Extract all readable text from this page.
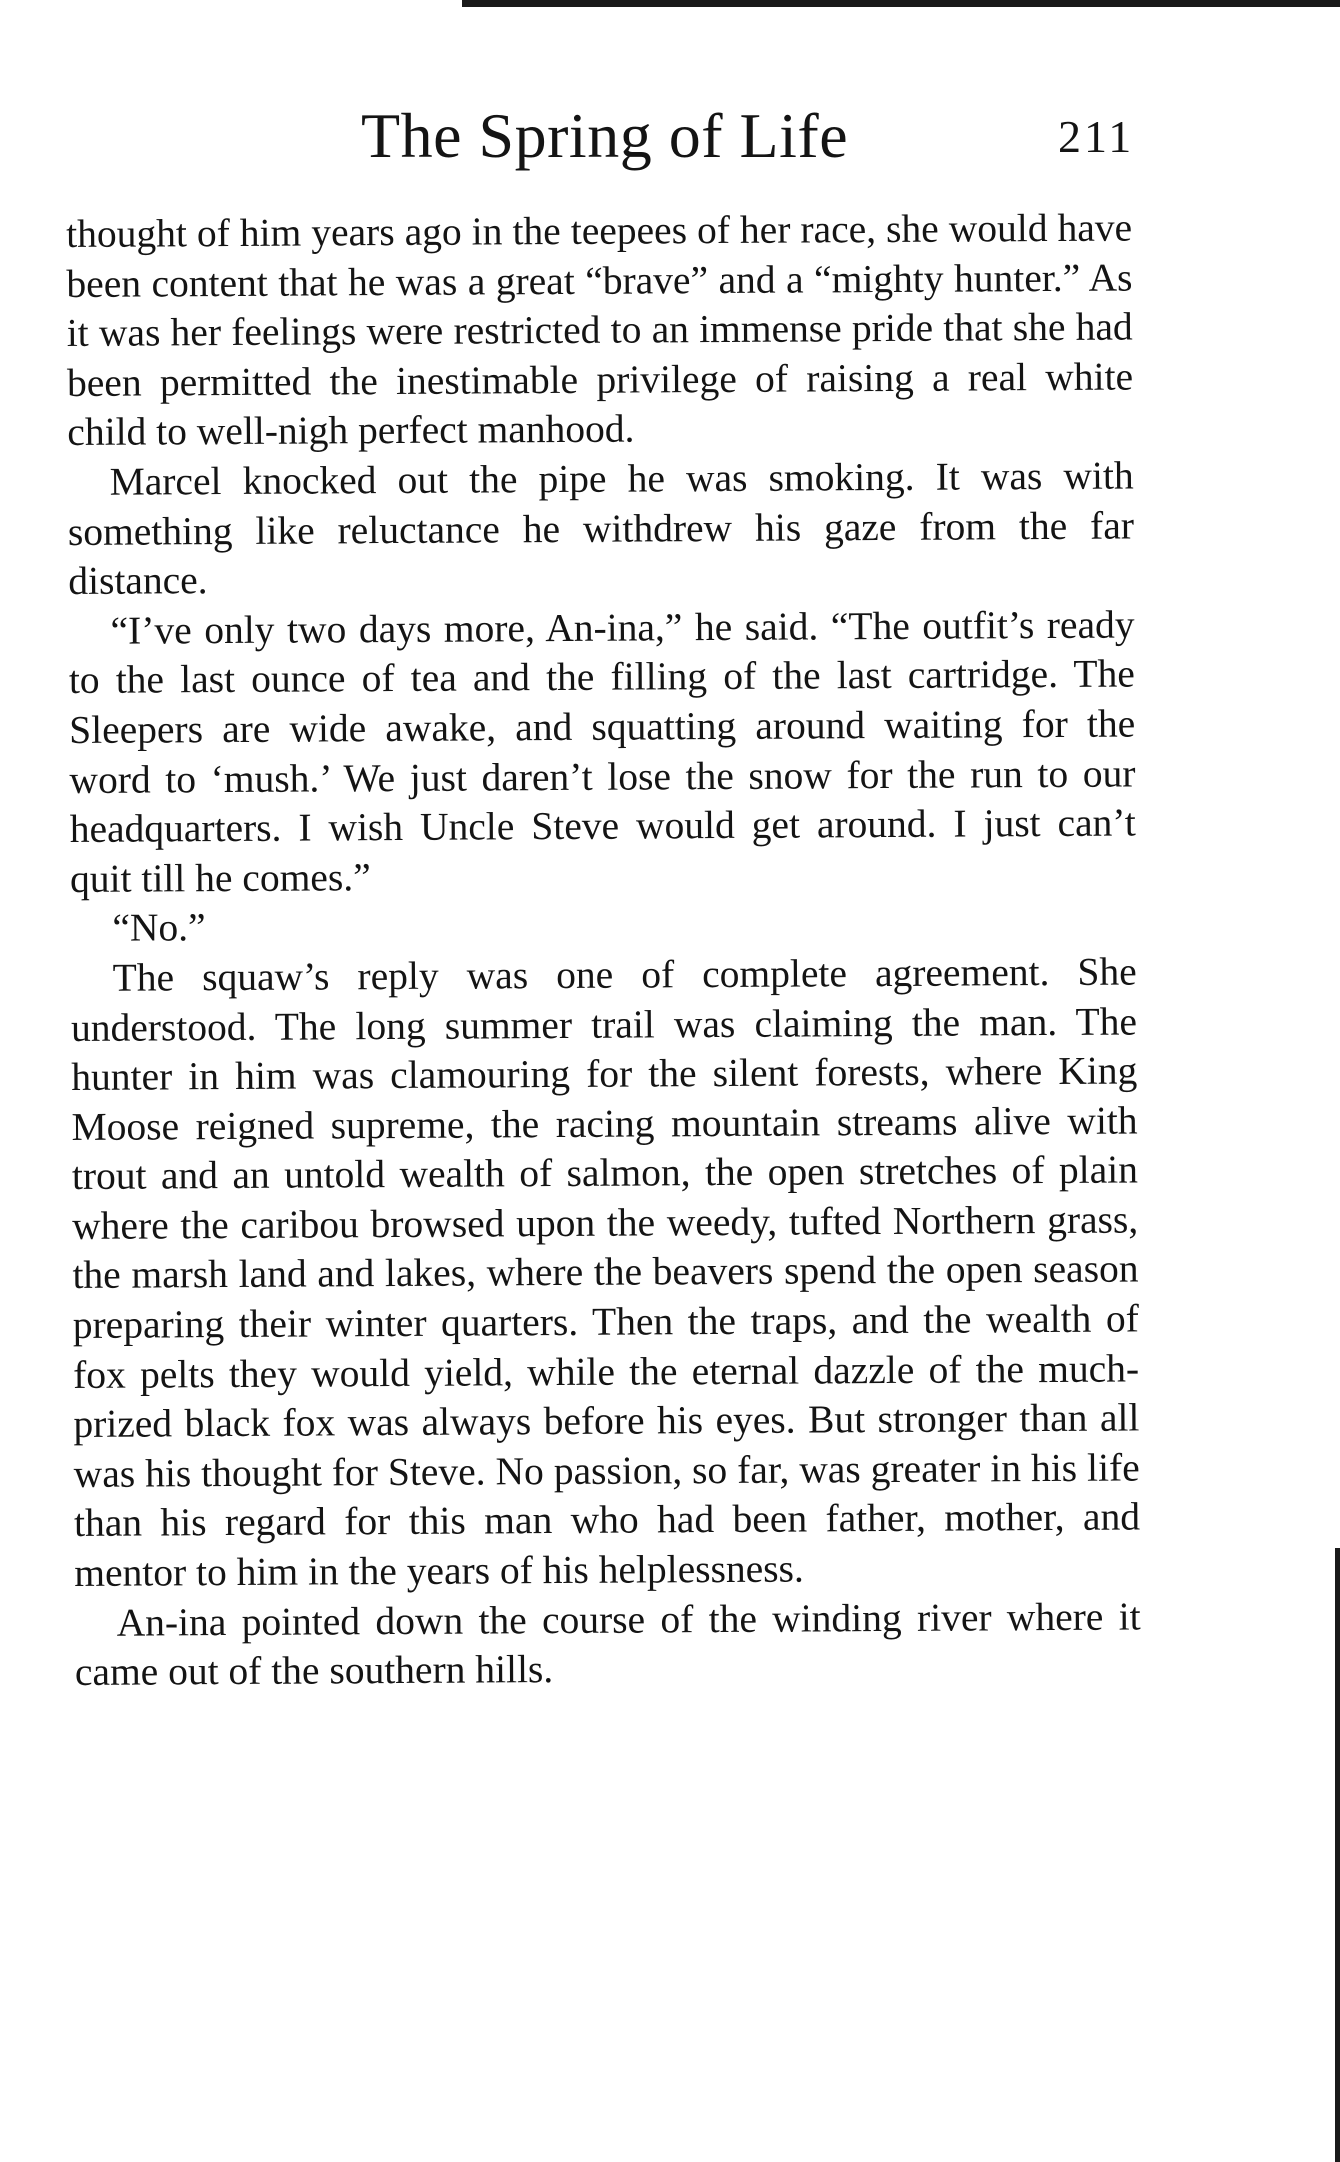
The Spring of Life	211

thought of him years ago in the teepees of her race, she would have been content that he was a great “brave” and a “mighty hunter.” As it was her feelings were restricted to an immense pride that she had been permitted the inestimable privilege of raising a real white child to well-nigh perfect manhood.

Marcel knocked out the pipe he was smoking. It was with something like reluctance he withdrew his gaze from the far distance.

“I’ve only two days more, An-ina,” he said. “The outfit’s ready to the last ounce of tea and the filling of the last cartridge. The Sleepers are wide awake, and squatting around waiting for the word to ‘mush.’ We just daren’t lose the snow for the run to our headquarters. I wish Uncle Steve would get around. I just can’t quit till he comes.”

“No.”

The squaw’s reply was one of complete agreement. She understood. The long summer trail was claiming the man. The hunter in him was clamouring for the silent forests, where King Moose reigned supreme, the racing mountain streams alive with trout and an untold wealth of salmon, the open stretches of plain where the caribou browsed upon the weedy, tufted Northern grass, the marsh land and lakes, where the beavers spend the open season preparing their winter quarters. Then the traps, and the wealth of fox pelts they would yield, while the eternal dazzle of the much-prized black fox was always before his eyes. But stronger than all was his thought for Steve. No passion, so far, was greater in his life than his regard for this man who had been father, mother, and mentor to him in the years of his helplessness.

An-ina pointed down the course of the winding river where it came out of the southern hills.
